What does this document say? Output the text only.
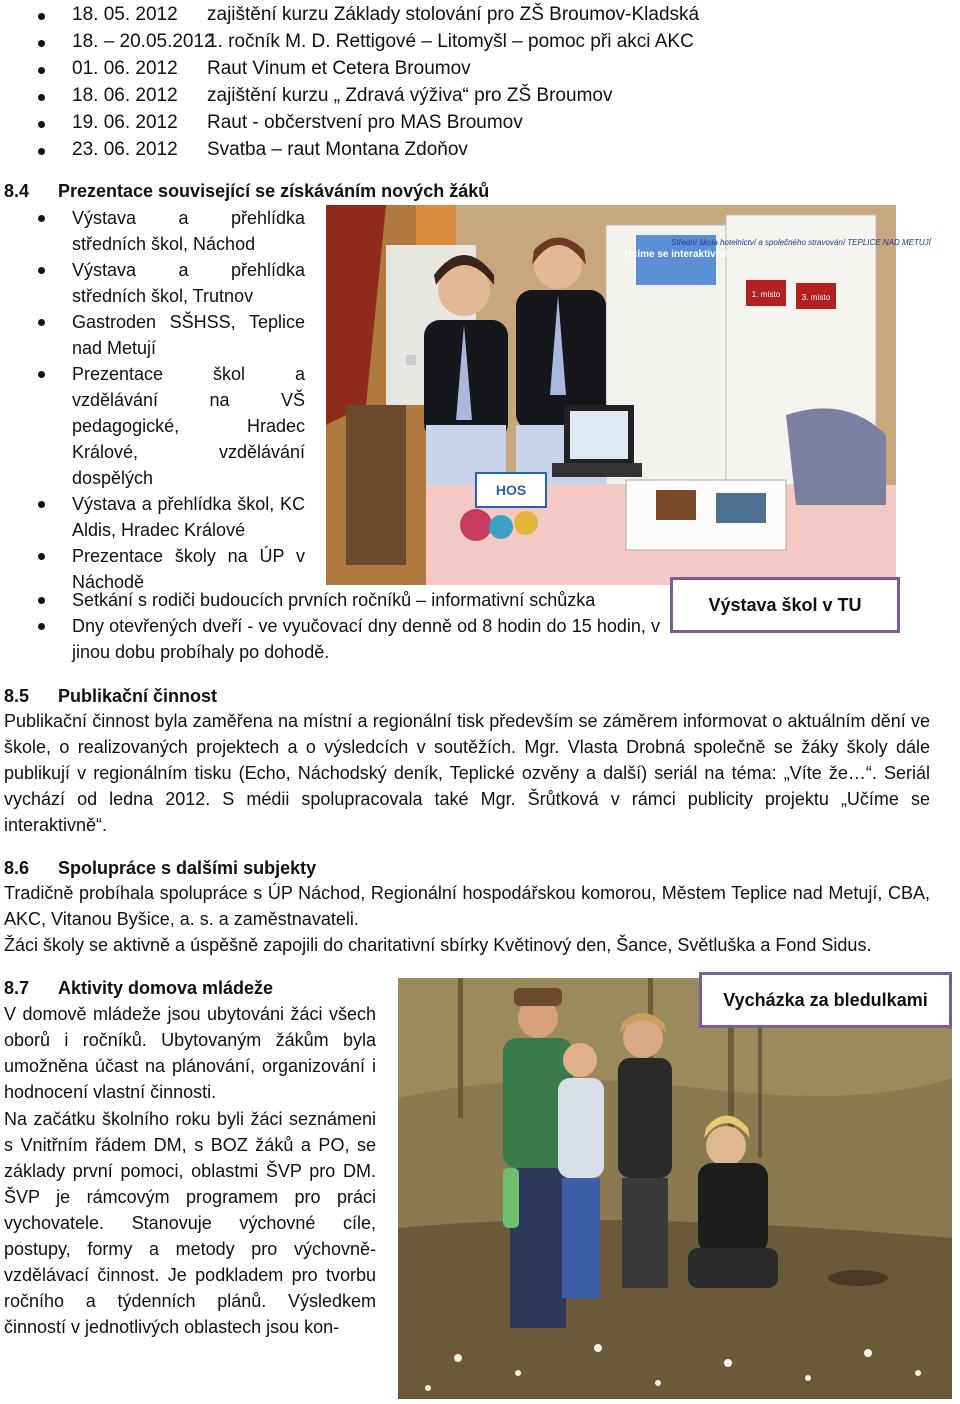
18. 05. 2012 zajištění kurzu Základy stolování pro ZŠ Broumov-Kladská
18. – 20.05.2012
1. ročník M. D. Rettigové – Litomyšl – pomoc při akci AKC
01. 06. 2012 Raut Vinum et Cetera Broumov
18. 06. 2012 zajištění kurzu „ Zdravá výživa“ pro ZŠ Broumov
19. 06. 2012 Raut - občerstvení pro MAS Broumov
23. 06. 2012 Svatba – raut Montana Zdoňov
8.4 Prezentace související se získáváním nových žáků
Výstava a přehlídka středních škol, Náchod
Výstava a přehlídka středních škol, Trutnov
Gastroden SŠHSS, Teplice nad Metují
Prezentace škol a vzdělávání na VŠ pedagogické, Hradec Králové, vzdělávání dospělých
Výstava a přehlídka škol, KC Aldis, Hradec Králové
Prezentace školy na ÚP v Náchodě
Učíme se interaktivně
Střední škola hotelnictví a společného stravování TEPLICE NAD METUJÍ
1. místo	3. místo
HOS
Setkání s rodiči budoucích prvních ročníků – informativní schůzka
Dny otevřených dveří - ve vyučovací dny denně od 8 hodin do 15 hodin, v jinou dobu probíhaly po dohodě.
Výstava škol v TU
8.5 Publikační činnost
Publikační činnost byla zaměřena na místní a regionální tisk především se záměrem informovat o aktuálním dění ve škole, o realizovaných projektech a o výsledcích v soutěžích. Mgr. Vlasta Drobná společně se žáky školy dále publikují v regionálním tisku (Echo, Náchodský deník, Teplické ozvěny a další) seriál na téma: „Víte že…“. Seriál vychází od ledna 2012. S médii spolupracovala také Mgr. Šrůtková v rámci publicity projektu „Učíme se interaktivně“.
8.6 Spolupráce s dalšími subjekty
Tradičně probíhala spolupráce s ÚP Náchod, Regionální hospodářskou komorou, Městem Teplice nad Metují, CBA, AKC, Vitanou Byšice, a. s. a zaměstnavateli.
Žáci školy se aktivně a úspěšně zapojili do charitativní sbírky Květinový den, Šance, Světluška a Fond Sidus.
8.7 Aktivity domova mládeže
V domově mládeže jsou ubytováni žáci všech oborů i ročníků. Ubytovaným žákům byla umožněna účast na plánování, organizování i hodnocení vlastní činnosti.
Na začátku školního roku byli žáci seznámeni s Vnitřním řádem DM, s BOZ žáků a PO, se základy první pomoci, oblastmi ŠVP pro DM. ŠVP je rámcovým programem pro práci vychovatele. Stanovuje výchovné cíle, postupy, formy a metody pro výchovně-vzdělávací činnost. Je podkladem pro tvorbu ročního a týdenních plánů. Výsledkem činností v jednotlivých oblastech jsou kon-
Vycházka za bledulkami
